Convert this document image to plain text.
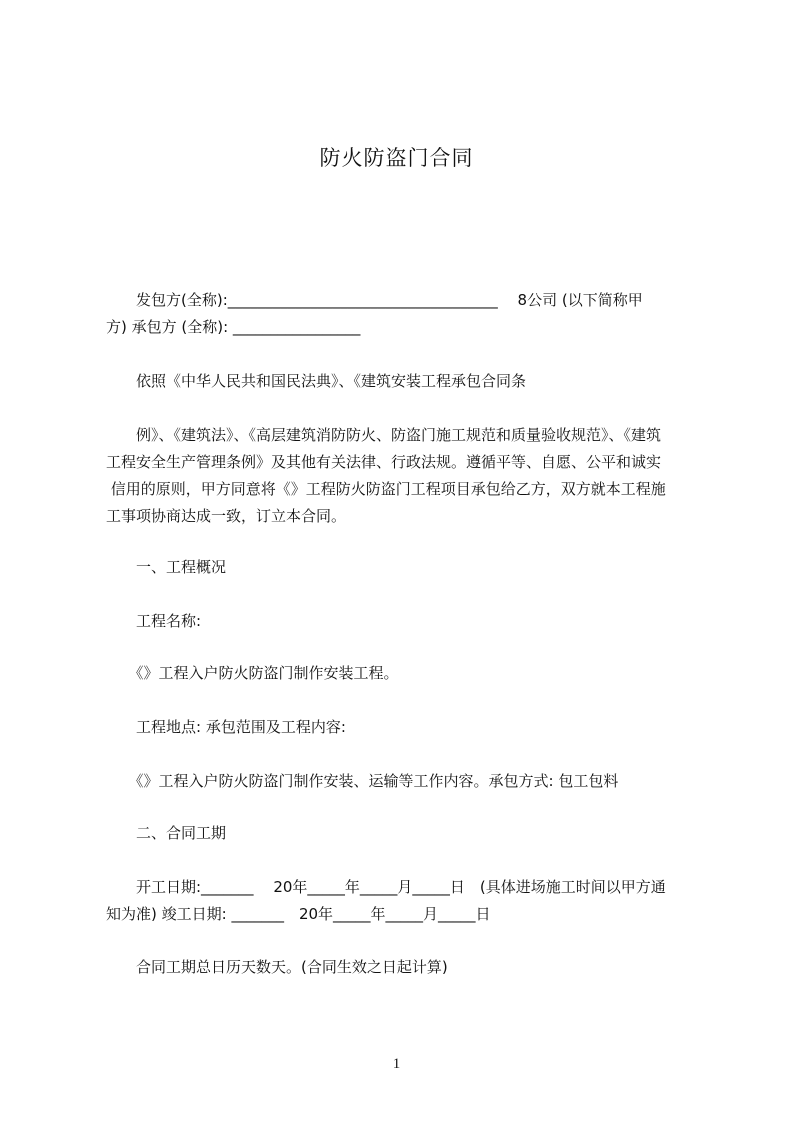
防火防盗门合同
　　发包方(全称):____________________________________　 8公司 (以下简称甲
方) 承包方 (全称): _________________
　　依照《中华人民共和国民法典》、《建筑安装工程承包合同条
　　例》、《建筑法》、《高层建筑消防防火、防盗门施工规范和质量验收规范》、《建筑
工程安全生产管理条例》及其他有关法律、行政法规。遵循平等、自愿、公平和诚实
信用的原则，甲方同意将《》工程防火防盗门工程项目承包给乙方，双方就本工程施
工事项协商达成一致，订立本合同。
　　一、工程概况
　　工程名称:
　　《》工程入户防火防盗门制作安装工程。
　　工程地点: 承包范围及工程内容:
　　《》工程入户防火防盗门制作安装、运输等工作内容。承包方式: 包工包料
　　二、合同工期
　　开工日期:_______　 20年_____年_____月_____日　(具体进场施工时间以甲方通
知为准) 竣工日期: _______　20年_____年_____月_____日
　　合同工期总日历天数天。(合同生效之日起计算)
1
